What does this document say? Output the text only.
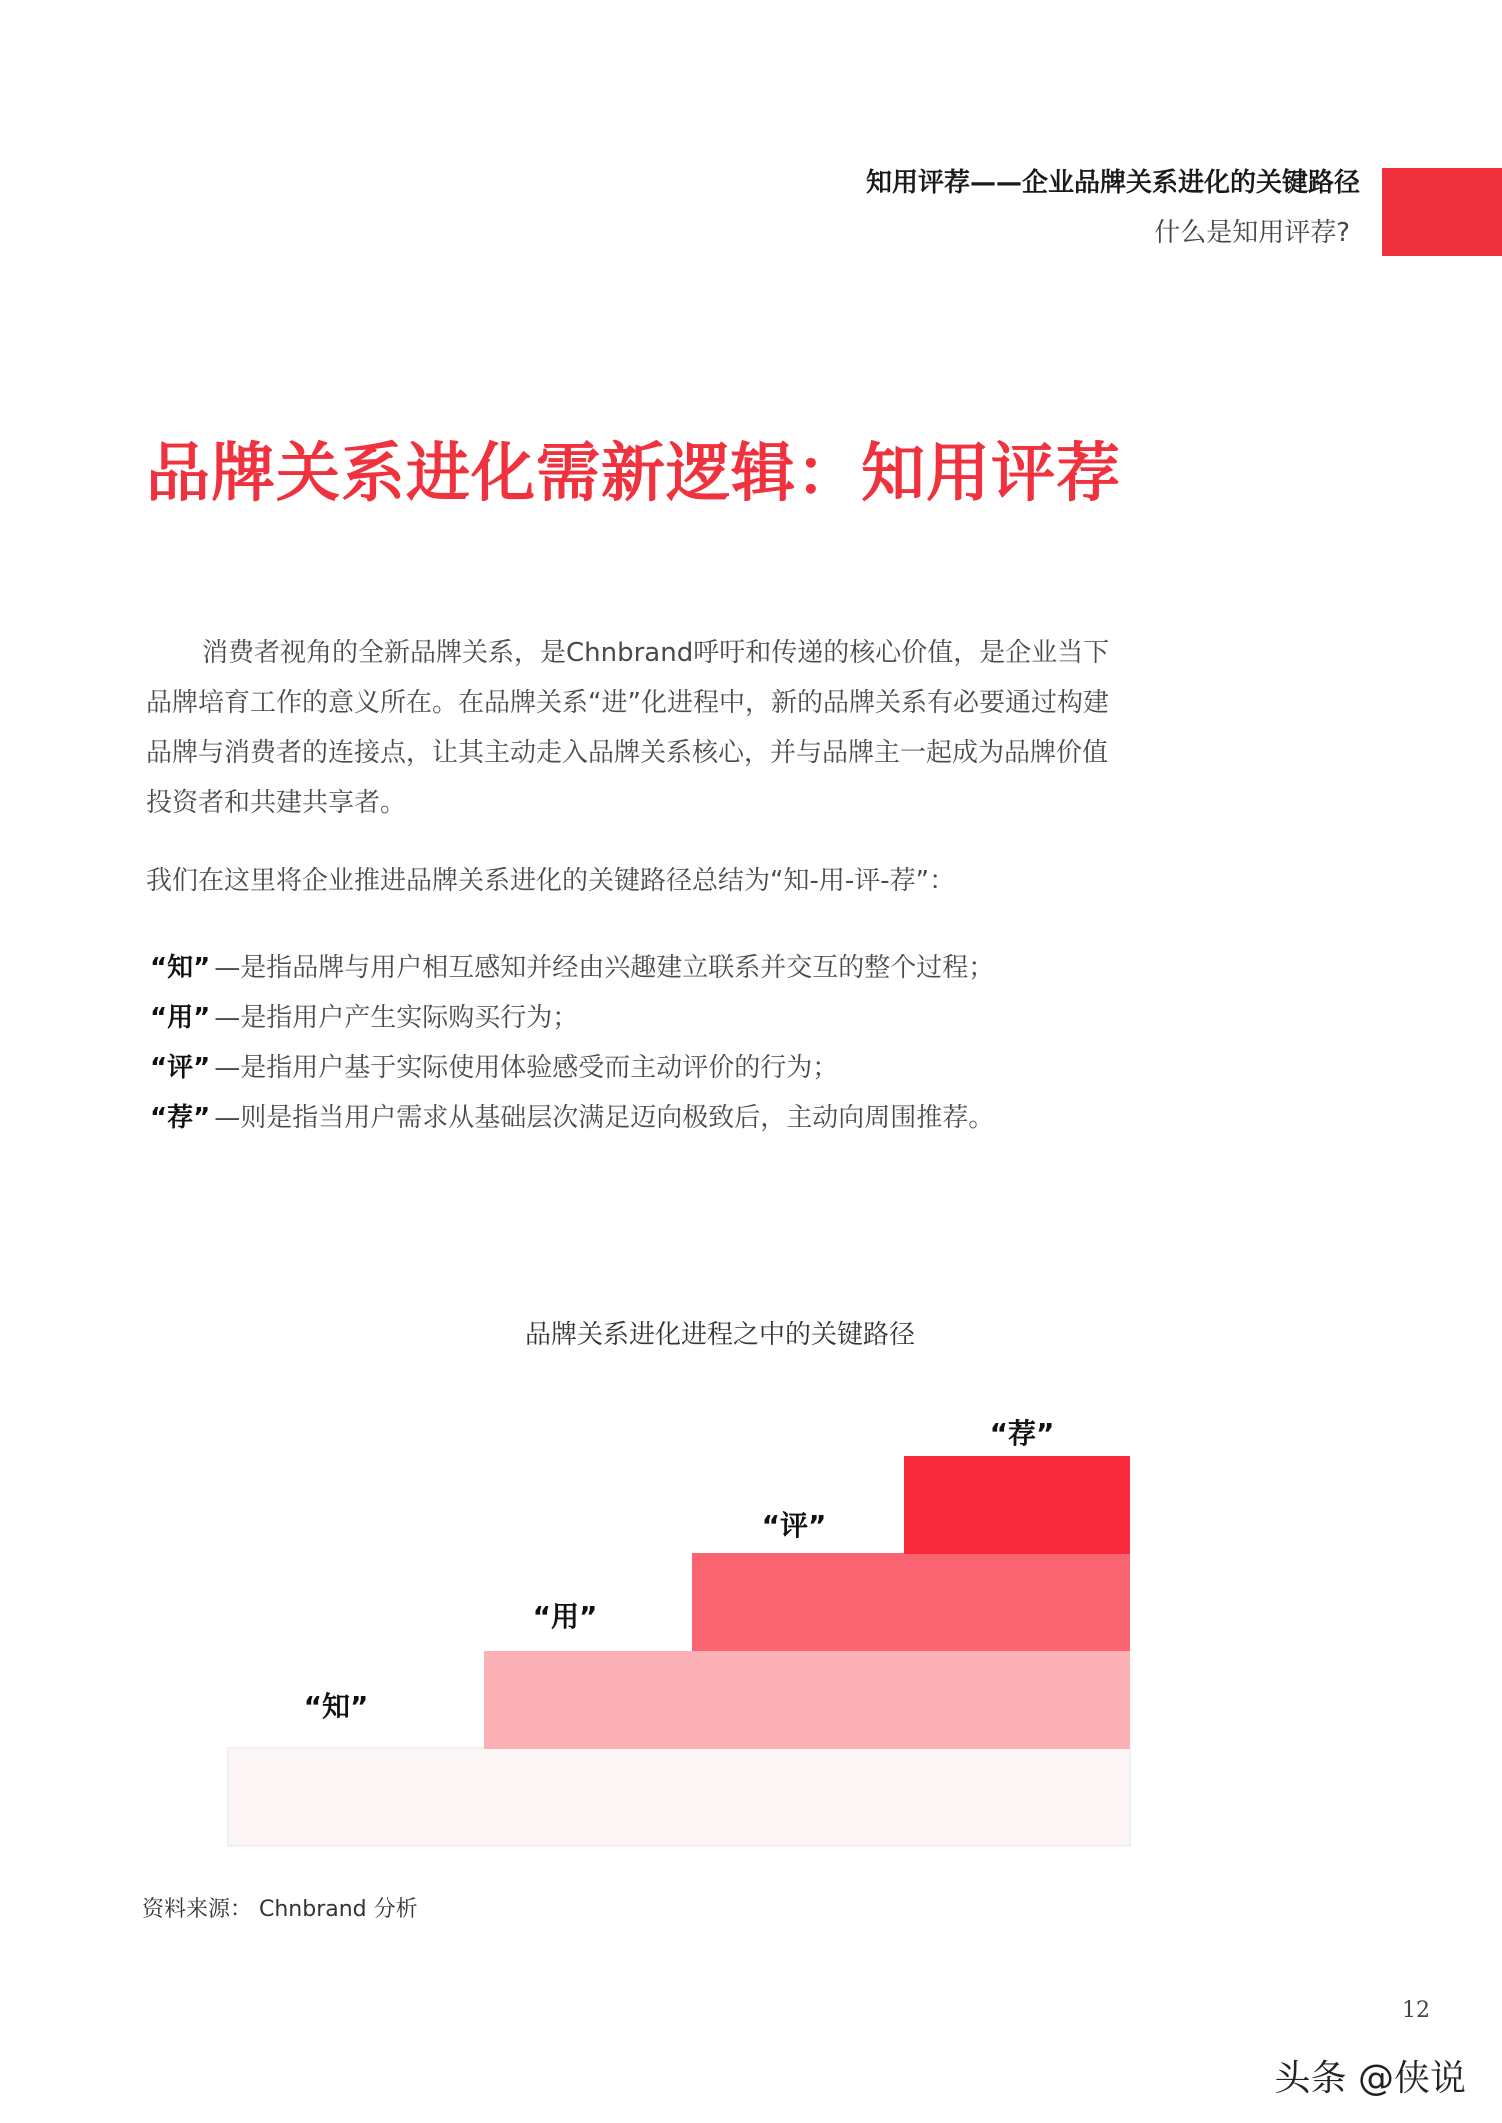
知用评荐——企业品牌关系进化的关键路径
什么是知用评荐?
品牌关系进化需新逻辑：知用评荐

消费者视角的全新品牌关系，是Chnbrand呼吁和传递的核心价值，是企业当下品牌培育工作的意义所在。在品牌关系“进”化进程中，新的品牌关系有必要通过构建品牌与消费者的连接点，让其主动走入品牌关系核心，并与品牌主一起成为品牌价值投资者和共建共享者。

我们在这里将企业推进品牌关系进化的关键路径总结为“知-用-评-荐”：

“知” —是指品牌与用户相互感知并经由兴趣建立联系并交互的整个过程；
“用” —是指用户产生实际购买行为；
“评” —是指用户基于实际使用体验感受而主动评价的行为；
“荐” —则是指当用户需求从基础层次满足迈向极致后，主动向周围推荐。
品牌关系进化进程之中的关键路径
“知”
“用”
“评”
“荐”
资料来源： Chnbrand 分析
12
头条 @侠说
